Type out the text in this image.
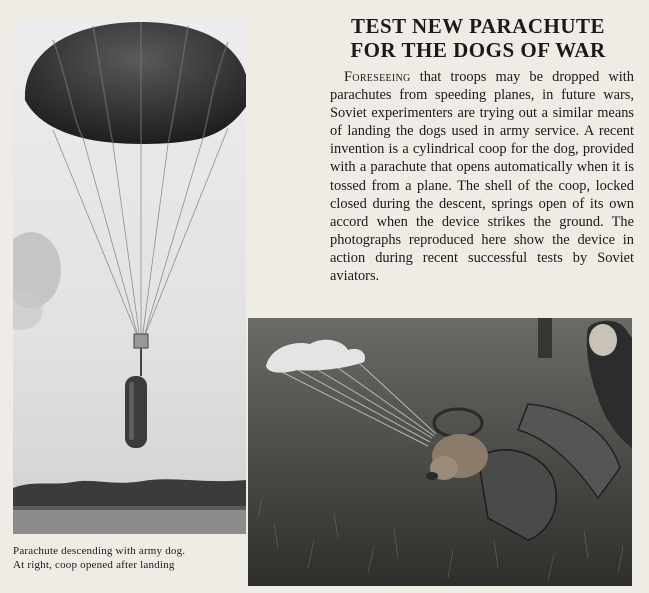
TEST NEW PARACHUTE
FOR THE DOGS OF WAR
Foreseeing that troops may be dropped with parachutes from speeding planes, in future wars, Soviet experimenters are trying out a similar means of landing the dogs used in army service. A recent invention is a cylindrical coop for the dog, provided with a parachute that opens automatically when it is tossed from a plane. The shell of the coop, locked closed during the descent, springs open of its own accord when the device strikes the ground. The photographs reproduced here show the device in action during recent successful tests by Soviet aviators.
Parachute descending with army dog.
At right, coop opened after landing
